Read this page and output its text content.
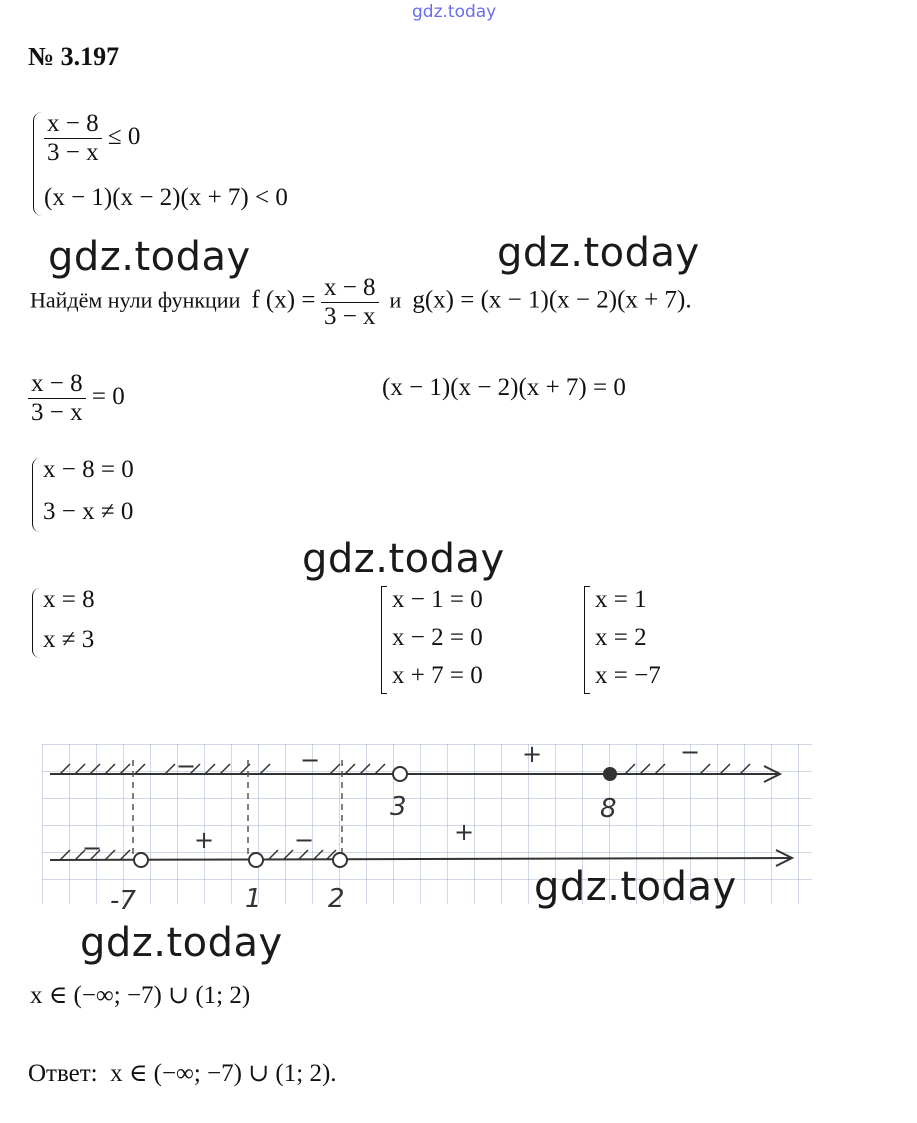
gdz.today
№ 3.197
$\frac{x - 8}{3 - x} \le 0$
(x − 1)(x − 2)(x + 7) < 0
gdz.today	gdz.today
Найдём нули функции f $(x) = \frac{x - 8}{3 - x}$ и g(x) = (x − 1)(x − 2)(x + 7).
$\frac{x - 8}{3 - x} = 0$	(x − 1)(x − 2)(x + 7) = 0
x − 8 = 0
3 − x ≠ 0
gdz.today
x = 8
x ≠ 3
x − 1 = 0
x − 2 = 0
x + 7 = 0
x = 1
x = 2
x = −7
3	8
−	−	+	−
−	+	−	+
-7	1	2	gdz.today
gdz.today
x ∈ (−∞; −7) ∪ (1; 2)
Ответ: x ∈ (−∞; −7) ∪ (1; 2).
